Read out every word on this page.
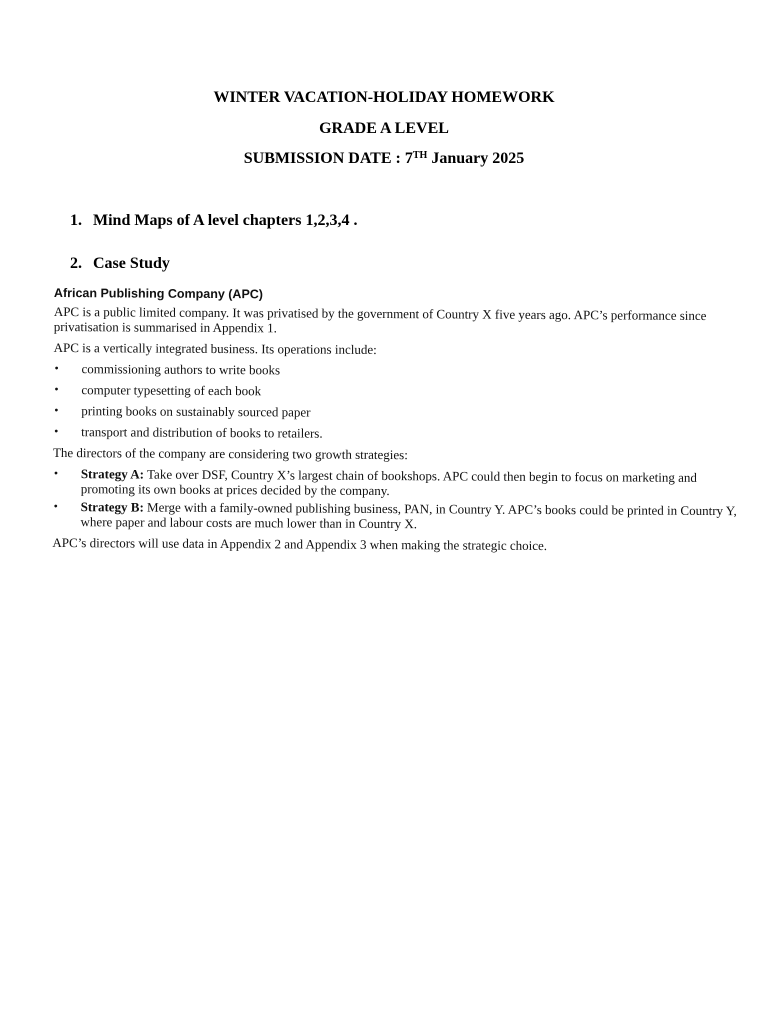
WINTER VACATION-HOLIDAY HOMEWORK
GRADE A LEVEL
SUBMISSION DATE : 7TH January 2025
1. Mind Maps of A level chapters 1,2,3,4 .
2. Case Study
African Publishing Company (APC)

APC is a public limited company. It was privatised by the government of Country X five years ago. APC’s performance since privatisation is summarised in Appendix 1.

APC is a vertically integrated business. Its operations include:

• commissioning authors to write books
• computer typesetting of each book
• printing books on sustainably sourced paper
• transport and distribution of books to retailers.

The directors of the company are considering two growth strategies:

• Strategy A: Take over DSF, Country X’s largest chain of bookshops. APC could then begin to focus on marketing and promoting its own books at prices decided by the company.
• Strategy B: Merge with a family-owned publishing business, PAN, in Country Y. APC’s books could be printed in Country Y, where paper and labour costs are much lower than in Country X.

APC’s directors will use data in Appendix 2 and Appendix 3 when making the strategic choice.
